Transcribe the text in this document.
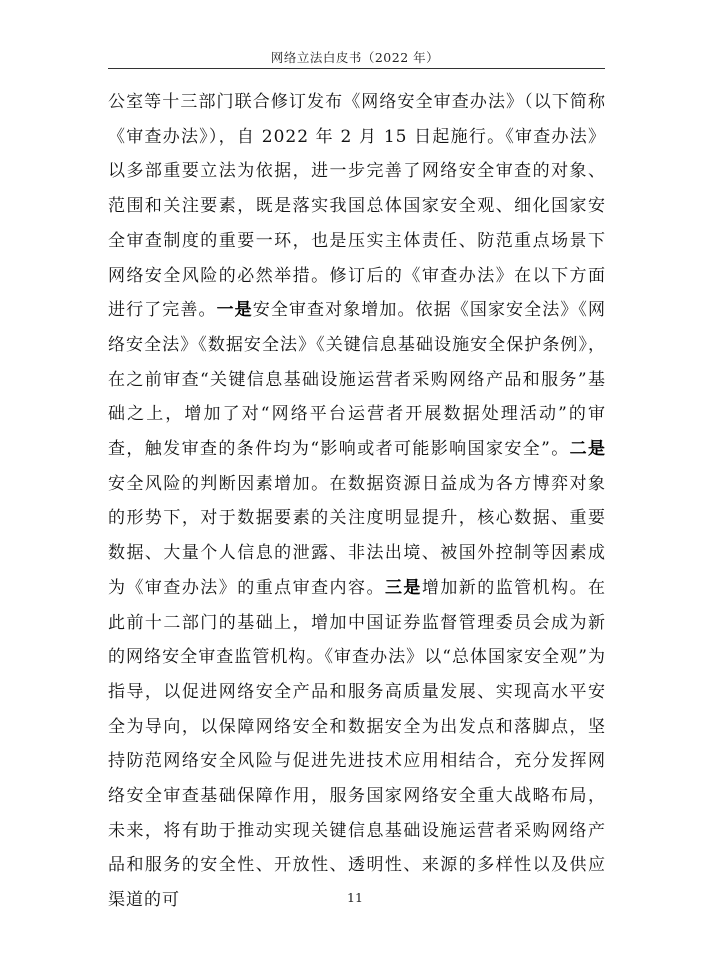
网络立法白皮书（2022 年）

公室等十三部门联合修订发布《网络安全审查办法》（以下简称《审查办法》），自 2022 年 2 月 15 日起施行。《审查办法》以多部重要立法为依据，进一步完善了网络安全审查的对象、范围和关注要素，既是落实我国总体国家安全观、细化国家安全审查制度的重要一环，也是压实主体责任、防范重点场景下网络安全风险的必然举措。修订后的《审查办法》在以下方面进行了完善。一是安全审查对象增加。依据《国家安全法》《网络安全法》《数据安全法》《关键信息基础设施安全保护条例》，在之前审查“关键信息基础设施运营者采购网络产品和服务”基础之上，增加了对“网络平台运营者开展数据处理活动”的审查，触发审查的条件均为“影响或者可能影响国家安全”。二是安全风险的判断因素增加。在数据资源日益成为各方博弈对象的形势下，对于数据要素的关注度明显提升，核心数据、重要数据、大量个人信息的泄露、非法出境、被国外控制等因素成为《审查办法》的重点审查内容。三是增加新的监管机构。在此前十二部门的基础上，增加中国证券监督管理委员会成为新的网络安全审查监管机构。《审查办法》以“总体国家安全观”为指导，以促进网络安全产品和服务高质量发展、实现高水平安全为导向，以保障网络安全和数据安全为出发点和落脚点，坚持防范网络安全风险与促进先进技术应用相结合，充分发挥网络安全审查基础保障作用，服务国家网络安全重大战略布局，未来，将有助于推动实现关键信息基础设施运营者采购网络产品和服务的安全性、开放性、透明性、来源的多样性以及供应渠道的可	11
